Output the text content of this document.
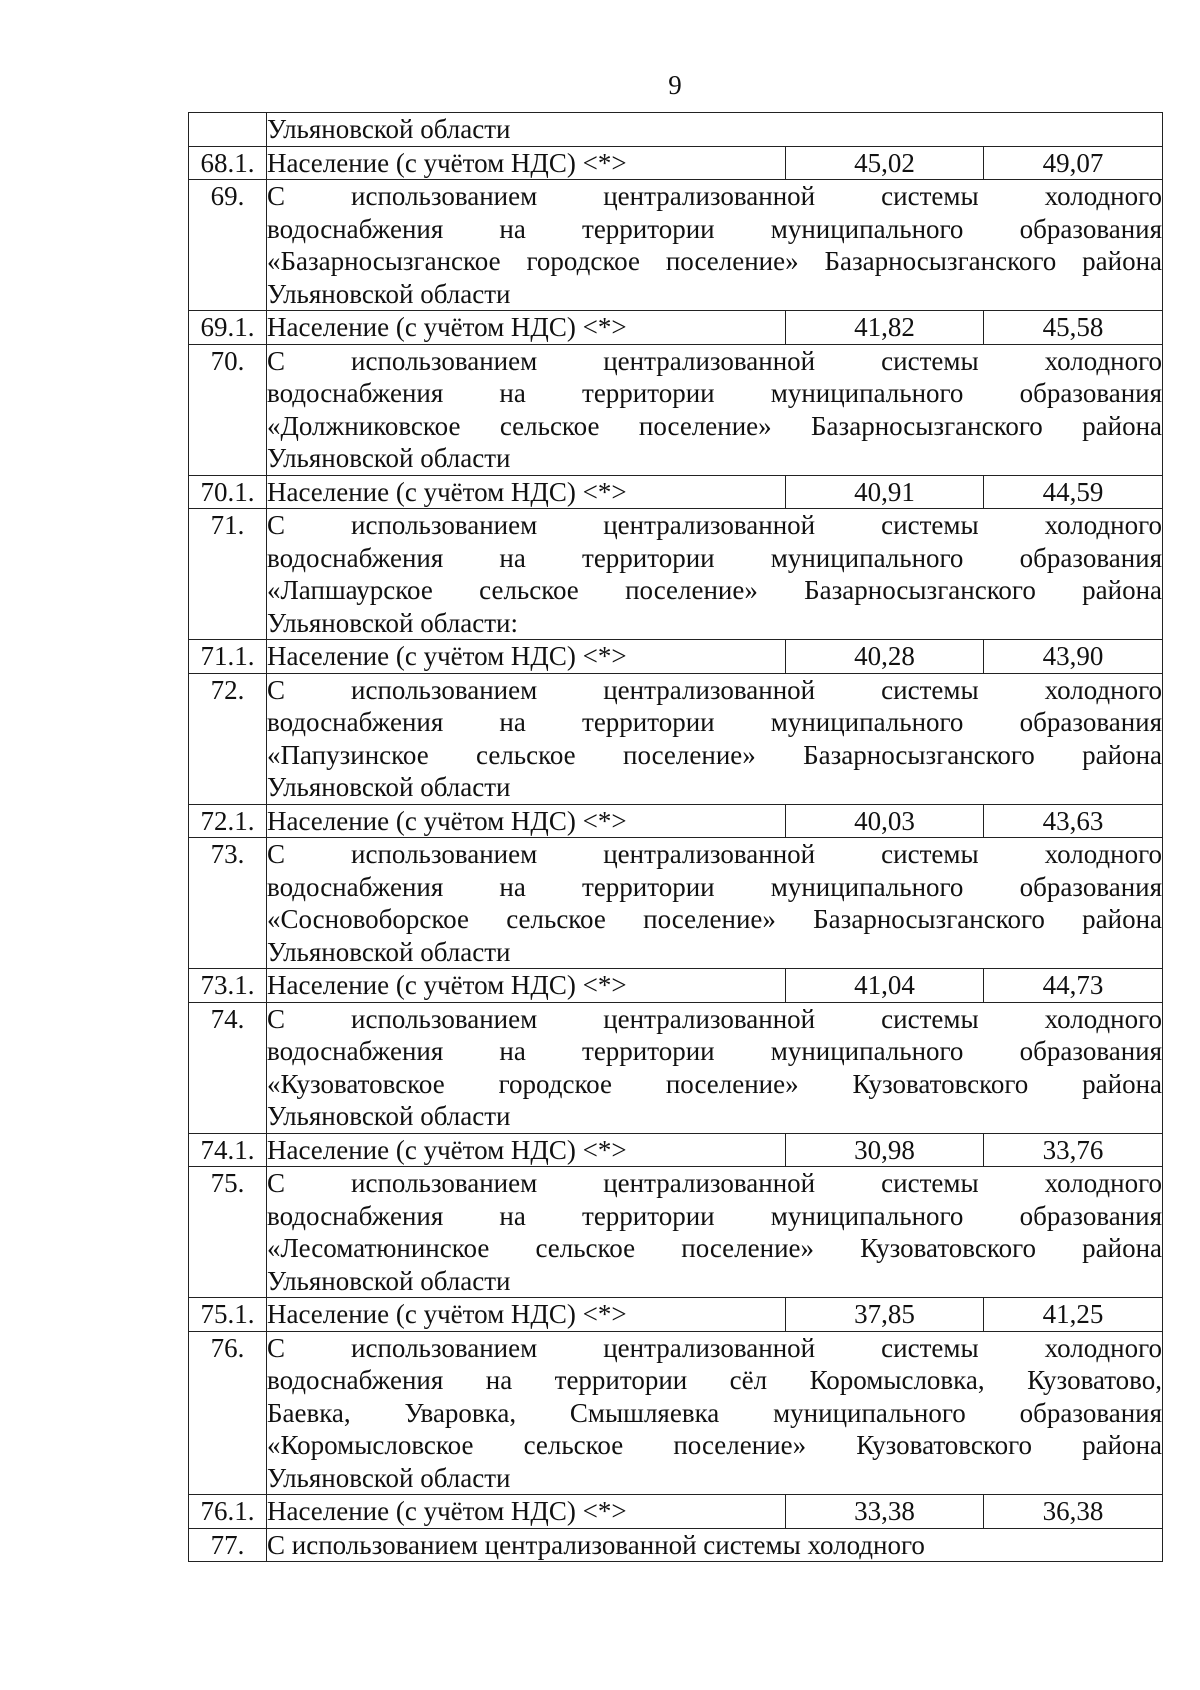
9

	Ульяновской области		

68.1.	Население (с учётом НДС) <*>	45,02	49,07
69.	С использованием централизованной системы холодного
водоснабжения на территории муниципального образования
«Базарносызганское городское поселение» Базарносызганского района
Ульяновской области		

69.1.	Население (с учётом НДС) <*>	41,82	45,58
70.	С использованием централизованной системы холодного
водоснабжения на территории муниципального образования
«Должниковское сельское поселение» Базарносызганского района
Ульяновской области		

70.1.	Население (с учётом НДС) <*>	40,91	44,59
71.	С использованием централизованной системы холодного
водоснабжения на территории муниципального образования
«Лапшаурское сельское поселение» Базарносызганского района
Ульяновской области:		

71.1.	Население (с учётом НДС) <*>	40,28	43,90
72.	С использованием централизованной системы холодного
водоснабжения на территории муниципального образования
«Папузинское сельское поселение» Базарносызганского района
Ульяновской области		

72.1.	Население (с учётом НДС) <*>	40,03	43,63
73.	С использованием централизованной системы холодного
водоснабжения на территории муниципального образования
«Сосновоборское сельское поселение» Базарносызганского района
Ульяновской области		

73.1.	Население (с учётом НДС) <*>	41,04	44,73
74.	С использованием централизованной системы холодного
водоснабжения на территории муниципального образования
«Кузоватовское городское поселение» Кузоватовского района
Ульяновской области		

74.1.	Население (с учётом НДС) <*>	30,98	33,76
75.	С использованием централизованной системы холодного
водоснабжения на территории муниципального образования
«Лесоматюнинское сельское поселение» Кузоватовского района
Ульяновской области		

75.1.	Население (с учётом НДС) <*>	37,85	41,25
76.	С использованием централизованной системы холодного
водоснабжения на территории сёл Коромысловка, Кузоватово,
Баевка, Уваровка, Смышляевка муниципального образования
«Коромысловское сельское поселение» Кузоватовского района
Ульяновской области		

76.1.	Население (с учётом НДС) <*>	33,38	36,38
77.	С использованием централизованной системы холодного		
